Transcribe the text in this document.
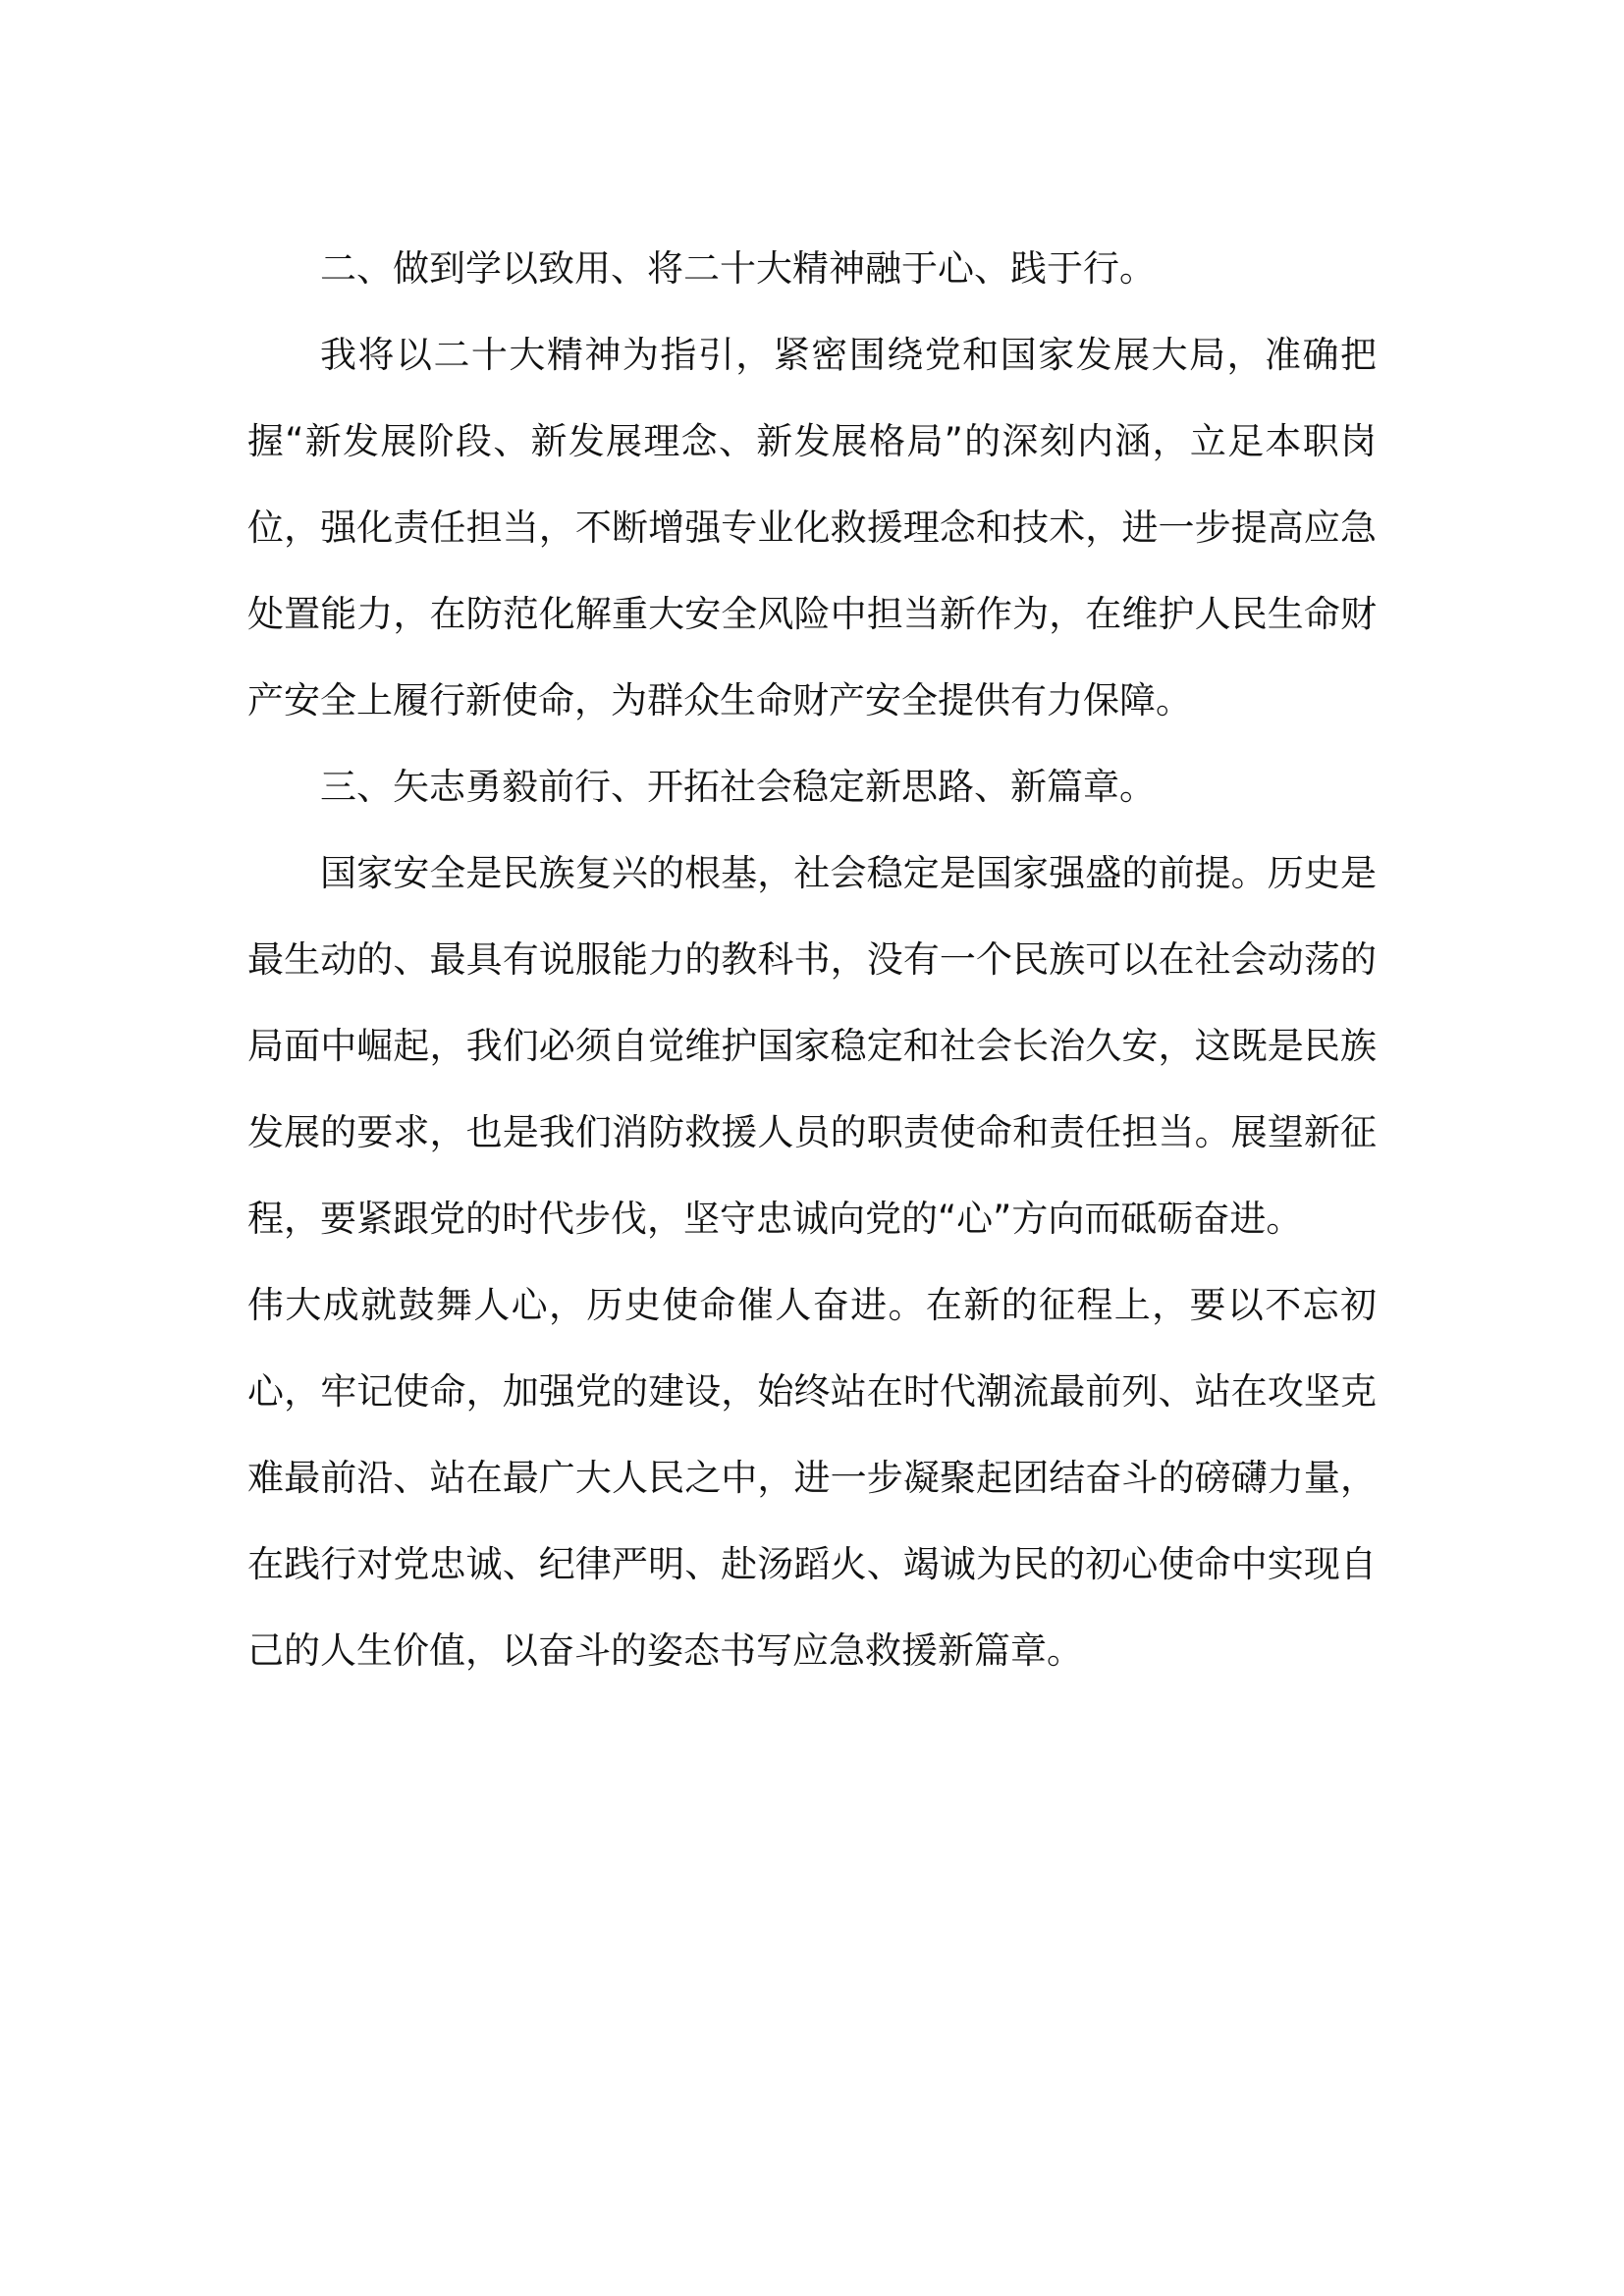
二、做到学以致用、将二十大精神融于心、践于行。

我将以二十大精神为指引，紧密围绕党和国家发展大局，准确把握“新发展阶段、新发展理念、新发展格局”的深刻内涵，立足本职岗位，强化责任担当，不断增强专业化救援理念和技术，进一步提高应急处置能力，在防范化解重大安全风险中担当新作为，在维护人民生命财产安全上履行新使命，为群众生命财产安全提供有力保障。

三、矢志勇毅前行、开拓社会稳定新思路、新篇章。

国家安全是民族复兴的根基，社会稳定是国家强盛的前提。历史是最生动的、最具有说服能力的教科书，没有一个民族可以在社会动荡的局面中崛起，我们必须自觉维护国家稳定和社会长治久安，这既是民族发展的要求，也是我们消防救援人员的职责使命和责任担当。展望新征程，要紧跟党的时代步伐，坚守忠诚向党的“心”方向而砥砺奋进。

伟大成就鼓舞人心，历史使命催人奋进。在新的征程上，要以不忘初心，牢记使命，加强党的建设，始终站在时代潮流最前列、站在攻坚克难最前沿、站在最广大人民之中，进一步凝聚起团结奋斗的磅礴力量，在践行对党忠诚、纪律严明、赴汤蹈火、竭诚为民的初心使命中实现自己的人生价值，以奋斗的姿态书写应急救援新篇章。
